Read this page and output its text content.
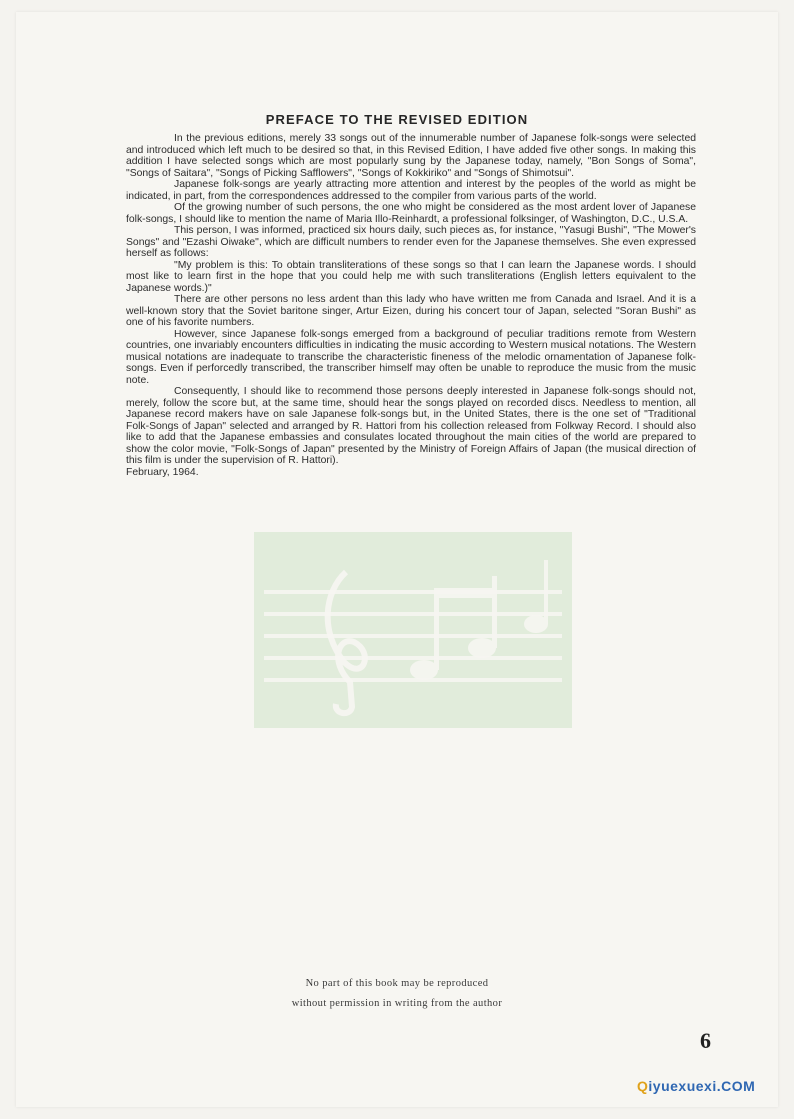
PREFACE TO THE REVISED EDITION

In the previous editions, merely 33 songs out of the innumerable number of Japanese folk-songs were selected and introduced which left much to be desired so that, in this Revised Edition, I have added five other songs. In making this addition I have selected songs which are most popularly sung by the Japanese today, namely, "Bon Songs of Soma", "Songs of Saitara", "Songs of Picking Safflowers", "Songs of Kokkiriko" and "Songs of Shimotsui".

Japanese folk-songs are yearly attracting more attention and interest by the peoples of the world as might be indicated, in part, from the correspondences addressed to the compiler from various parts of the world.

Of the growing number of such persons, the one who might be considered as the most ardent lover of Japanese folk-songs, I should like to mention the name of Maria Illo-Reinhardt, a professional folksinger, of Washington, D.C., U.S.A.

This person, I was informed, practiced six hours daily, such pieces as, for instance, "Yasugi Bushi", "The Mower's Songs" and "Ezashi Oiwake", which are difficult numbers to render even for the Japanese themselves. She even expressed herself as follows:

"My problem is this: To obtain transliterations of these songs so that I can learn the Japanese words. I should most like to learn first in the hope that you could help me with such transliterations (English letters equivalent to the Japanese words.)"

There are other persons no less ardent than this lady who have written me from Canada and Israel. And it is a well-known story that the Soviet baritone singer, Artur Eizen, during his concert tour of Japan, selected "Soran Bushi" as one of his favorite numbers.

However, since Japanese folk-songs emerged from a background of peculiar traditions remote from Western countries, one invariably encounters difficulties in indicating the music according to Western musical notations. The Western musical notations are inadequate to transcribe the characteristic fineness of the melodic ornamentation of Japanese folk-songs. Even if perforcedly transcribed, the transcriber himself may often be unable to reproduce the music from the music note.

Consequently, I should like to recommend those persons deeply interested in Japanese folk-songs should not, merely, follow the score but, at the same time, should hear the songs played on recorded discs. Needless to mention, all Japanese record makers have on sale Japanese folk-songs but, in the United States, there is the one set of "Traditional Folk-Songs of Japan" selected and arranged by R. Hattori from his collection released from Folkway Record. I should also like to add that the Japanese embassies and consulates located throughout the main cities of the world are prepared to show the color movie, "Folk-Songs of Japan" presented by the Ministry of Foreign Affairs of Japan (the musical direction of this film is under the supervision of R. Hattori).

February, 1964.

No part of this book may be reproduced
without permission in writing from the author
6
Qiyuexuexi.COM
